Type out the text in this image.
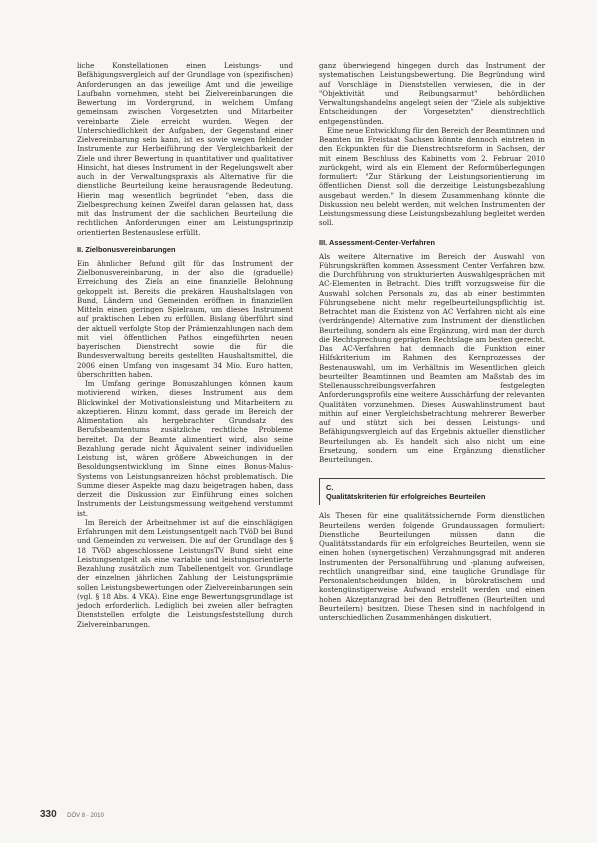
liche Konstellationen einen Leistungs- und Befähigungsvergleich auf der Grundlage von (spezifischen) Anforderungen an das jeweilige Amt und die jeweilige Laufbahn vornehmen, steht bei Zielvereinbarungen die Bewertung im Vordergrund, in welchem Umfang gemeinsam zwischen Vorgesetzten und Mitarbeiter vereinbarte Ziele erreicht wurden. Wegen der Unterschiedlichkeit der Aufgaben, der Gegenstand einer Zielvereinbarung sein kann, ist es sowie wegen fehlender Instrumente zur Herbeiführung der Vergleichbarkeit der Ziele und ihrer Bewertung in quantitativer und qualitativer Hinsicht, hat dieses Instrument in der Regelungswelt aber auch in der Verwaltungspraxis als Alternative für die dienstliche Beurteilung keine herausragende Bedeutung. Hierin mag wesentlich begründet "eben, dass die Zielbesprechung keinen Zweifel daran gelassen hat, dass mit das Instrument der die sachlichen Beurteilung die rechtlichen Anforderungen einer am Leistungsprinzip orientierten Bestenauslese erfüllt.

II. Zielbonusvereinbarungen

Ein ähnlicher Befund gilt für das Instrument der Zielbonusvereinbarung, in der also die (graduelle) Erreichung des Ziels an eine finanzielle Belohnung gekoppelt ist. Bereits die prekären Haushaltslagen von Bund, Ländern und Gemeinden eröffnen in finanziellen Mitteln einen geringen Spielraum, um dieses Instrument auf praktischen Leben zu erfüllen. Bislang überführt sind der aktuell verfolgte Stop der Prämienzahlungen nach dem mit viel öffentlichen Pathos eingeführten neuen bayerischen Dienstrecht sowie die für die Bundesverwaltung bereits gestellten Haushaltsmittel, die 2006 einen Umfang von insgesamt 34 Mio. Euro hatten, überschritten haben.

Im Umfang geringe Bonuszahlungen können kaum motivierend wirken, dieses Instrument aus dem Blickwinkel der Motivationsleistung und Mitarbeitern zu akzeptieren. Hinzu kommt, dass gerade im Bereich der Alimentation als hergebrachter Grundsatz des Berufsbeamtentums zusätzliche rechtliche Probleme bereitet. Da der Beamte alimentiert wird, also seine Bezahlung gerade nicht Äquivalent seiner individuellen Leistung ist, wären größere Abweichungen in der Besoldungsentwicklung im Sinne eines Bonus-Malus-Systems von Leistungsanreizen höchst problematisch. Die Summe dieser Aspekte mag dazu beigetragen haben, dass derzeit die Diskussion zur Einführung eines solchen Instruments der Leistungsmessung weitgehend verstummt ist.

Im Bereich der Arbeitnehmer ist auf die einschlägigen Erfahrungen mit dem Leistungsentgelt nach TVöD bei Bund und Gemeinden zu verweisen. Die auf der Grundlage des § 18 TVöD abgeschlossene LeistungsTV Bund sieht eine Leistungsentgelt als eine variable und leistungsorientierte Bezahlung zusätzlich zum Tabellenentgelt vor. Grundlage der einzelnen jährlichen Zahlung der Leistungsprämie sollen Leistungsbewertungen oder Zielvereinbarungen sein (vgl. § 18 Abs. 4 VKA). Eine enge Bewertungsgrundlage ist jedoch erforderlich. Lediglich bei zweien aller befragten Dienststellen erfolgte die Leistungsfeststellung durch Zielvereinbarungen.

ganz überwiegend hingegen durch das Instrument der systematischen Leistungsbewertung. Die Begründung wird auf Vorschläge in Dienststellen verwiesen, die in der "Objektivität und Reibungsarmut" behördlichen Verwaltungshandelns angelegt seien der "Ziele als subjektive Entscheidungen der Vorgesetzten" dienstrechtlich entgegenstünden.

Eine neue Entwicklung für den Bereich der Beamtinnen und Beamten im Freistaat Sachsen könnte dennoch eintreten in den Eckpunkten für die Dienstrechtsreform in Sachsen, der mit einem Beschluss des Kabinetts vom 2. Februar 2010 zurückgeht, wird als ein Element der Reformüberlegungen formuliert: "Zur Stärkung der Leistungsorientierung im öffentlichen Dienst soll die derzeitige Leistungsbezahlung ausgebaut werden." In diesem Zusammenhang könnte die Diskussion neu belebt werden, mit welchen Instrumenten der Leistungsmessung diese Leistungsbezahlung begleitet werden soll.

III. Assessment-Center-Verfahren

Als weitere Alternative im Bereich der Auswahl von Führungskräften kommen Assessment Center Verfahren bzw. die Durchführung von strukturierten Auswahlgesprächen mit AC-Elementen in Betracht. Dies trifft vorzugsweise für die Auswahl solchen Personals zu, das ab einer bestimmten Führungsebene nicht mehr regelbeurteilungspflichtig ist. Betrachtet man die Existenz von AC Verfahren nicht als eine (verdrängende) Alternative zum Instrument der dienstlichen Beurteilung, sondern als eine Ergänzung, wird man der durch die Rechtsprechung geprägten Rechtslage am besten gerecht. Das AC-Verfahren hat demnach die Funktion einer Hilfskriterium im Rahmen des Kernprozesses der Bestenauswahl, um im Verhältnis im Wesentlichen gleich beurteilter Beamtinnen und Beamten am Maßstab des im Stellenausschreibungsverfahren festgelegten Anforderungsprofils eine weitere Ausschärfung der relevanten Qualitäten vorzunehmen. Dieses Auswahlinstrument baut mithin auf einer Vergleichsbetrachtung mehrerer Bewerber auf und stützt sich bei dessen Leistungs- und Befähigungsvergleich auf das Ergebnis aktueller dienstlicher Beurteilungen ab. Es handelt sich also nicht um eine Ersetzung, sondern um eine Ergänzung dienstlicher Beurteilungen.

C.
Qualitätskriterien für erfolgreiches Beurteilen

Als Thesen für eine qualitätssichernde Form dienstlichen Beurteilens werden folgende Grundaussagen formuliert: Dienstliche Beurteilungen müssen dann die Qualitätsstandards für ein erfolgreiches Beurteilen, wenn sie einen hohen (synergetischen) Verzahnungsgrad mit anderen Instrumenten der Personalführung und -planung aufweisen, rechtlich unangreifbar sind, eine taugliche Grundlage für Personalentscheidungen bilden, in bürokratischem und kostengünstigerweise Aufwand erstellt werden und einen hohen Akzeptanzgrad bei den Betroffenen (Beurteilten und Beurteilern) besitzen. Diese Thesen sind in nachfolgend in unterschiedlichen Zusammenhängen diskutiert.

330 DÖV 8 · 2010
